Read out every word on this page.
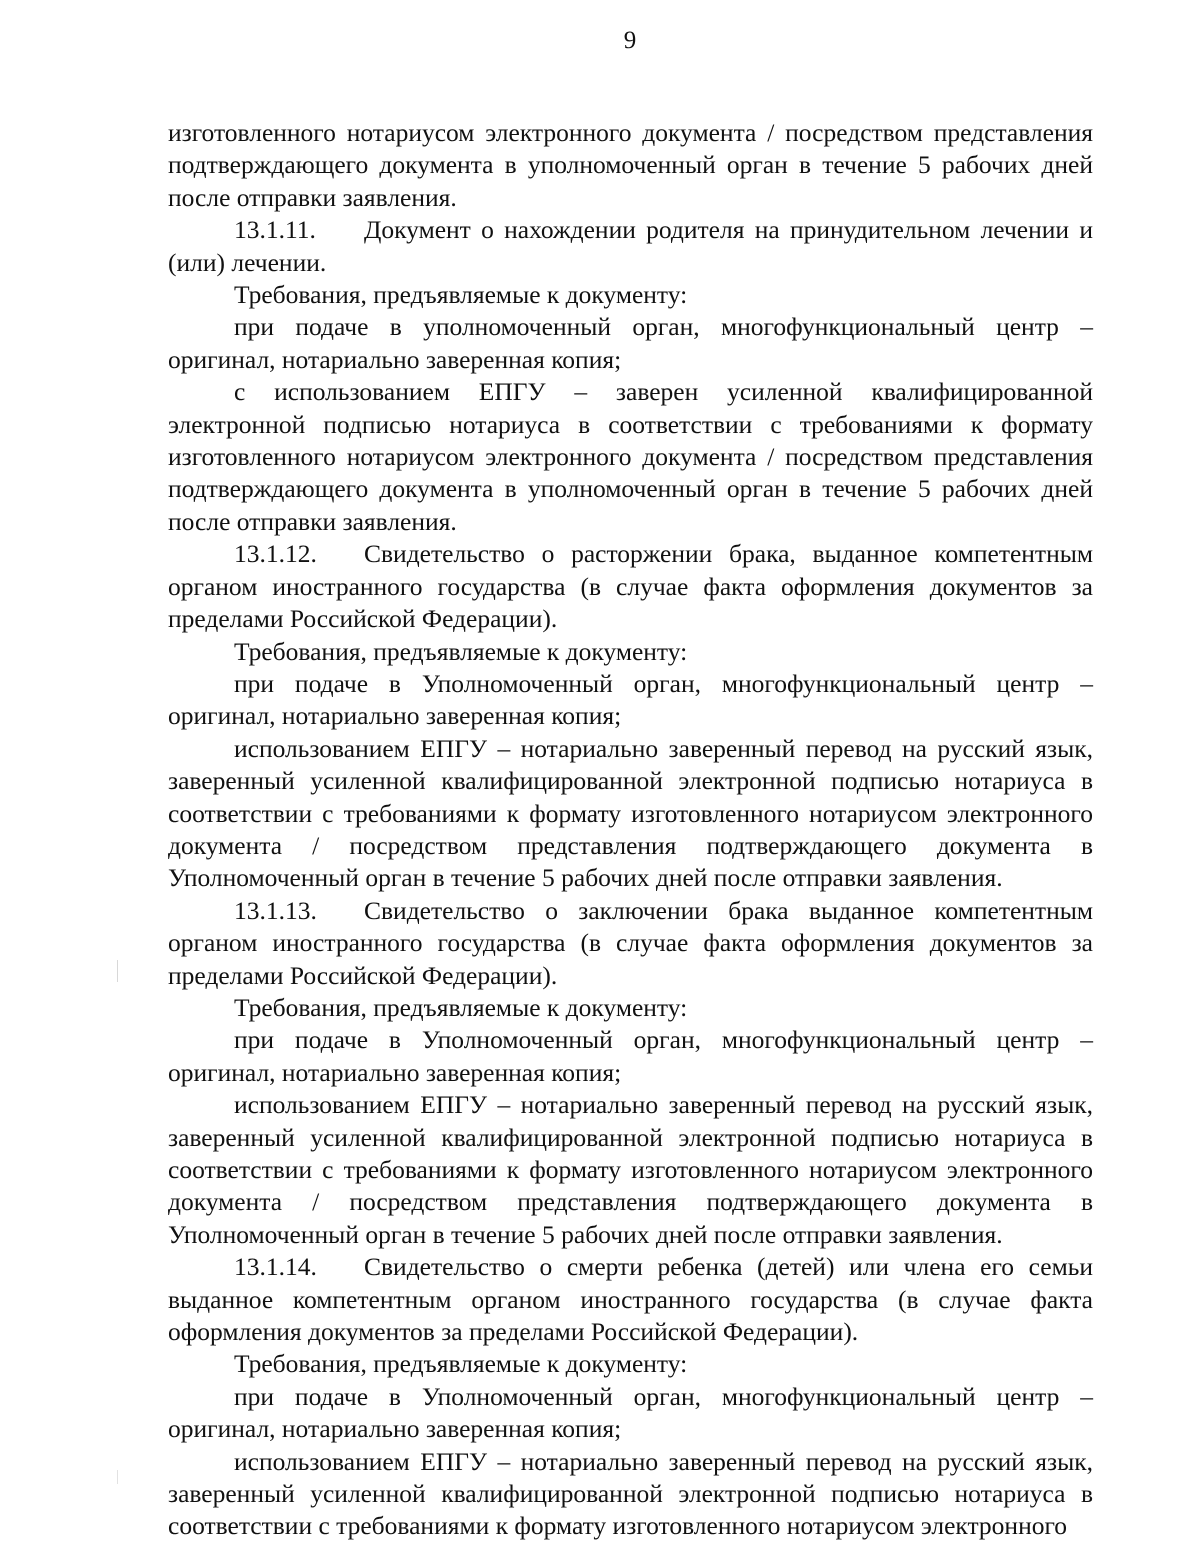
9

изготовленного нотариусом электронного документа / посредством представления подтверждающего документа в уполномоченный орган в течение 5 рабочих дней после отправки заявления.

13.1.11. Документ о нахождении родителя на принудительном лечении и (или) лечении.

Требования, предъявляемые к документу:

при подаче в уполномоченный орган, многофункциональный центр – оригинал, нотариально заверенная копия;

с использованием ЕПГУ – заверен усиленной квалифицированной электронной подписью нотариуса в соответствии с требованиями к формату изготовленного нотариусом электронного документа / посредством представления подтверждающего документа в уполномоченный орган в течение 5 рабочих дней после отправки заявления.

13.1.12. Свидетельство о расторжении брака, выданное компетентным органом иностранного государства (в случае факта оформления документов за пределами Российской Федерации).

Требования, предъявляемые к документу:

при подаче в Уполномоченный орган, многофункциональный центр – оригинал, нотариально заверенная копия;

использованием ЕПГУ – нотариально заверенный перевод на русский язык, заверенный усиленной квалифицированной электронной подписью нотариуса в соответствии с требованиями к формату изготовленного нотариусом электронного документа / посредством представления подтверждающего документа в Уполномоченный орган в течение 5 рабочих дней после отправки заявления.

13.1.13. Свидетельство о заключении брака выданное компетентным органом иностранного государства (в случае факта оформления документов за пределами Российской Федерации).

Требования, предъявляемые к документу:

при подаче в Уполномоченный орган, многофункциональный центр – оригинал, нотариально заверенная копия;

использованием ЕПГУ – нотариально заверенный перевод на русский язык, заверенный усиленной квалифицированной электронной подписью нотариуса в соответствии с требованиями к формату изготовленного нотариусом электронного документа / посредством представления подтверждающего документа в Уполномоченный орган в течение 5 рабочих дней после отправки заявления.

13.1.14. Свидетельство о смерти ребенка (детей) или члена его семьи выданное компетентным органом иностранного государства (в случае факта оформления документов за пределами Российской Федерации).

Требования, предъявляемые к документу:

при подаче в Уполномоченный орган, многофункциональный центр – оригинал, нотариально заверенная копия;

использованием ЕПГУ – нотариально заверенный перевод на русский язык, заверенный усиленной квалифицированной электронной подписью нотариуса в соответствии с требованиями к формату изготовленного нотариусом электронного
